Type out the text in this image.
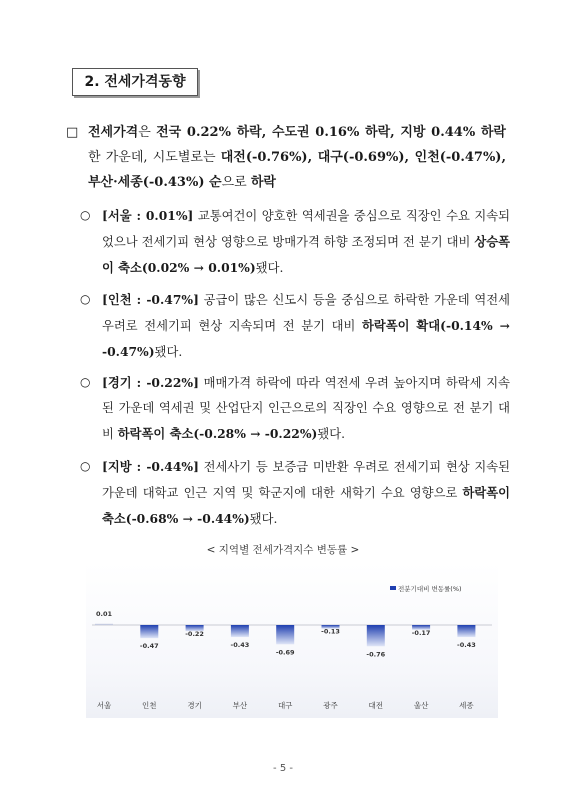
2. 전세가격동향
□ 전세가격은 전국 0.22% 하락, 수도권 0.16% 하락, 지방 0.44% 하락한 가운데, 시도별로는 대전(-0.76%), 대구(-0.69%), 인천(-0.47%), 부산·세종(-0.43%) 순으로 하락
○ [서울 : 0.01%] 교통여건이 양호한 역세권을 중심으로 직장인 수요 지속되었으나 전세기피 현상 영향으로 방매가격 하향 조정되며 전 분기 대비 상승폭이 축소(0.02% → 0.01%)됐다.
○ [인천 : -0.47%] 공급이 많은 신도시 등을 중심으로 하락한 가운데 역전세 우려로 전세기피 현상 지속되며 전 분기 대비 하락폭이 확대(-0.14% → -0.47%)됐다.
○ [경기 : -0.22%] 매매가격 하락에 따라 역전세 우려 높아지며 하락세 지속된 가운데 역세권 및 산업단지 인근으로의 직장인 수요 영향으로 전 분기 대비 하락폭이 축소(-0.28% → -0.22%)됐다.
○ [지방 : -0.44%] 전세사기 등 보증금 미반환 우려로 전세기피 현상 지속된 가운데 대학교 인근 지역 및 학군지에 대한 새학기 수요 영향으로 하락폭이 축소(-0.68% → -0.44%)됐다.
< 지역별 전세가격지수 변동률 >
전분기대비 변동률(%)
0.01
서울
-0.47
인천
-0.22
경기
-0.43
부산
-0.69
대구
-0.13
광주
-0.76
대전
-0.17
울산
-0.43
세종
- 5 -
